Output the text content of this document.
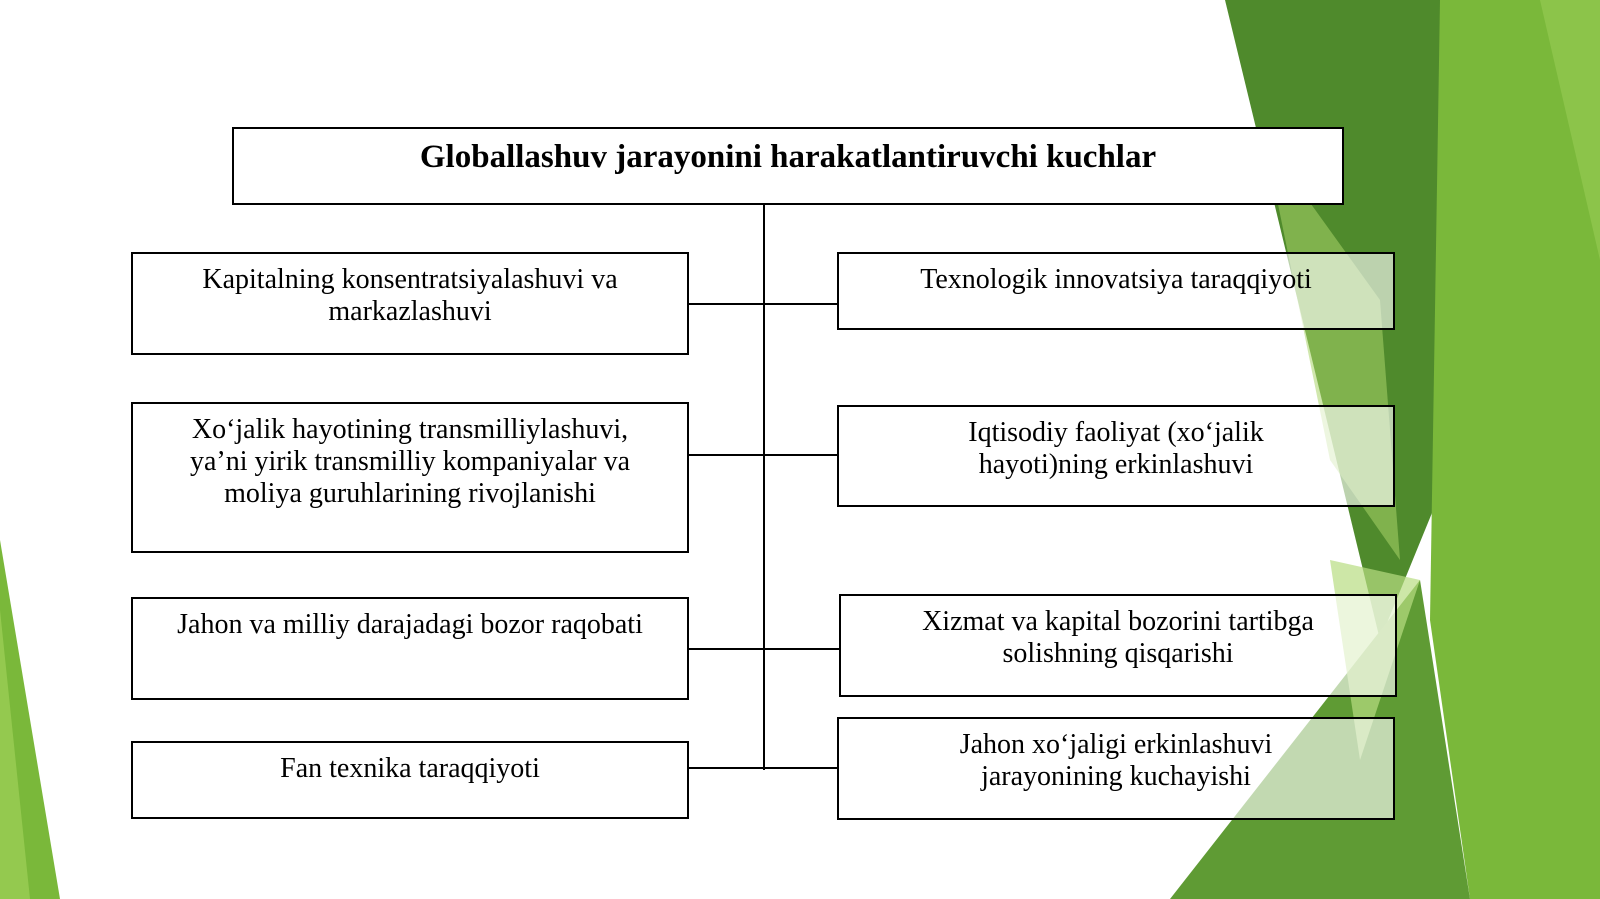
Globallashuv jarayonini harakatlantiruvchi kuchlar
Kapitalning konsentratsiyalashuvi va markazlashuvi
Xo‘jalik hayotining transmilliylashuvi, ya’ni yirik transmilliy kompaniyalar va moliya guruhlarining rivojlanishi
Jahon va milliy darajadagi bozor raqobati
Fan texnika taraqqiyoti
Texnologik innovatsiya taraqqiyoti
Iqtisodiy faoliyat (xo‘jalik hayoti)ning erkinlashuvi
Xizmat va kapital bozorini tartibga solishning qisqarishi
Jahon xo‘jaligi erkinlashuvi jarayonining kuchayishi
